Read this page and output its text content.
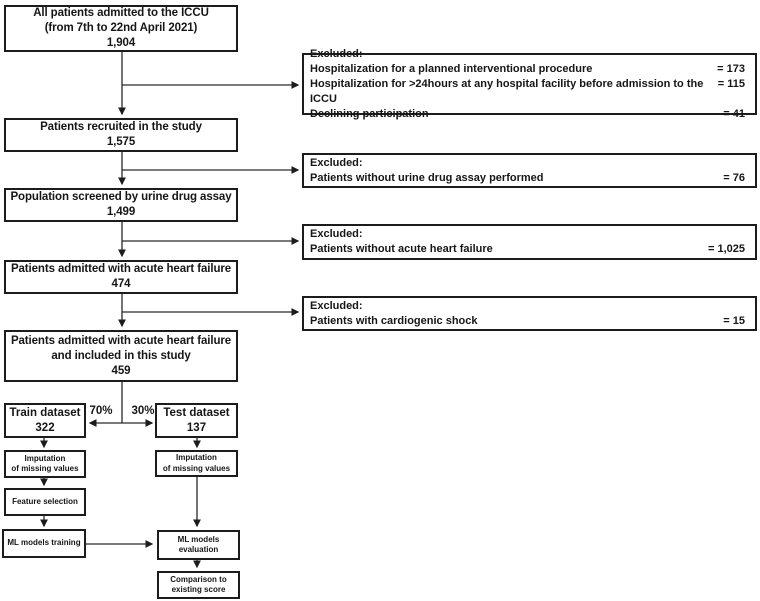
All patients admitted to the ICCU
(from 7th to 22nd April 2021)
1,904
Patients recruited in the study
1,575
Population screened by urine drug assay
1,499
Patients admitted with acute heart failure
474
Patients admitted with acute heart failure
and included in this study
459
Excluded:
Hospitalization for a planned interventional procedure	= 173
Hospitalization for >24hours at any hospital facility before admission to the ICCU
= 115
Declining participation	= 41
Excluded:
Patients without urine drug assay performed	= 76
Excluded:
Patients without acute heart failure	= 1,025
Excluded:
Patients with cardiogenic shock	= 15
70%	30%
Train dataset
322
Test dataset
137
Imputation
of missing values
Feature selection
ML models training
Imputation
of missing values
ML models
evaluation
Comparison to
existing score
